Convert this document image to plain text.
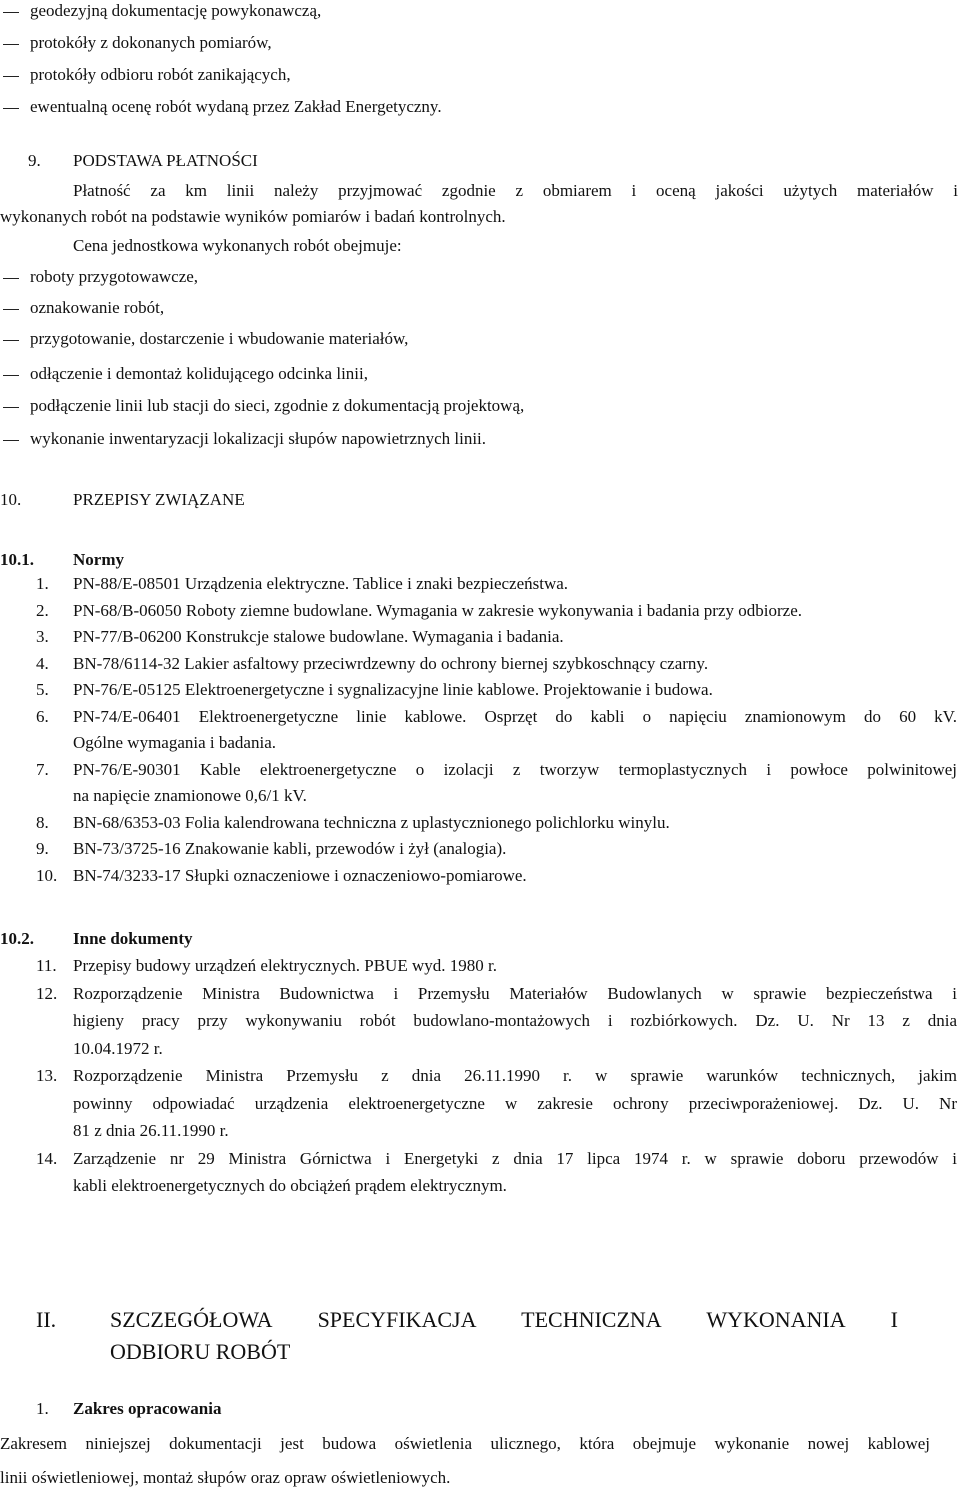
geodezyjną dokumentację powykonawczą,
protokóły z dokonanych pomiarów,
protokóły odbioru robót zanikających,
ewentualną ocenę robót wydaną przez Zakład Energetyczny.
9. PODSTAWA PŁATNOŚCI
Płatność za km linii należy przyjmować zgodnie z obmiarem i oceną jakości użytych materiałów i
wykonanych robót na podstawie wyników pomiarów i badań kontrolnych.
Cena jednostkowa wykonanych robót obejmuje:
roboty przygotowawcze,
oznakowanie robót,
przygotowanie, dostarczenie i wbudowanie materiałów,
odłączenie i demontaż kolidującego odcinka linii,
podłączenie linii lub stacji do sieci, zgodnie z dokumentacją projektową,
wykonanie inwentaryzacji lokalizacji słupów napowietrznych linii.
10.	PRZEPISY ZWIĄZANE
10.1. Normy
1. PN-88/E-08501 Urządzenia elektryczne. Tablice i znaki bezpieczeństwa.
2. PN-68/B-06050 Roboty ziemne budowlane. Wymagania w zakresie wykonywania i badania przy odbiorze.
3. PN-77/B-06200 Konstrukcje stalowe budowlane. Wymagania i badania.
4. BN-78/6114-32 Lakier asfaltowy przeciwrdzewny do ochrony biernej szybkoschnący czarny.
5. PN-76/E-05125 Elektroenergetyczne i sygnalizacyjne linie kablowe. Projektowanie i budowa.
6. PN-74/E-06401 Elektroenergetyczne linie kablowe. Osprzęt do kabli o napięciu znamionowym do 60 kV.
Ogólne wymagania i badania.
7. PN-76/E-90301 Kable elektroenergetyczne o izolacji z tworzyw termoplastycznych i powłoce polwinitowej
na napięcie znamionowe 0,6/1 kV.
8. BN-68/6353-03 Folia kalendrowana techniczna z uplastycznionego polichlorku winylu.
9. BN-73/3725-16 Znakowanie kabli, przewodów i żył (analogia).
10. BN-74/3233-17 Słupki oznaczeniowe i oznaczeniowo-pomiarowe.
10.2. Inne dokumenty
11. Przepisy budowy urządzeń elektrycznych. PBUE wyd. 1980 r.
12. Rozporządzenie Ministra Budownictwa i Przemysłu Materiałów Budowlanych w sprawie bezpieczeństwa i
higieny pracy przy wykonywaniu robót budowlano-montażowych i rozbiórkowych. Dz. U. Nr 13 z dnia
10.04.1972 r.
13. Rozporządzenie Ministra Przemysłu z dnia 26.11.1990 r. w sprawie warunków technicznych, jakim
powinny odpowiadać urządzenia elektroenergetyczne w zakresie ochrony przeciwporażeniowej. Dz. U. Nr
81 z dnia 26.11.1990 r.
14. Zarządzenie nr 29 Ministra Górnictwa i Energetyki z dnia 17 lipca 1974 r. w sprawie doboru przewodów i
kabli elektroenergetycznych do obciążeń prądem elektrycznym.
II. SZCZEGÓŁOWA SPECYFIKACJA TECHNICZNA WYKONANIA I
ODBIORU ROBÓT
1. Zakres opracowania
Zakresem niniejszej dokumentacji jest budowa oświetlenia ulicznego, która obejmuje wykonanie nowej kablowej
linii oświetleniowej, montaż słupów oraz opraw oświetleniowych.
